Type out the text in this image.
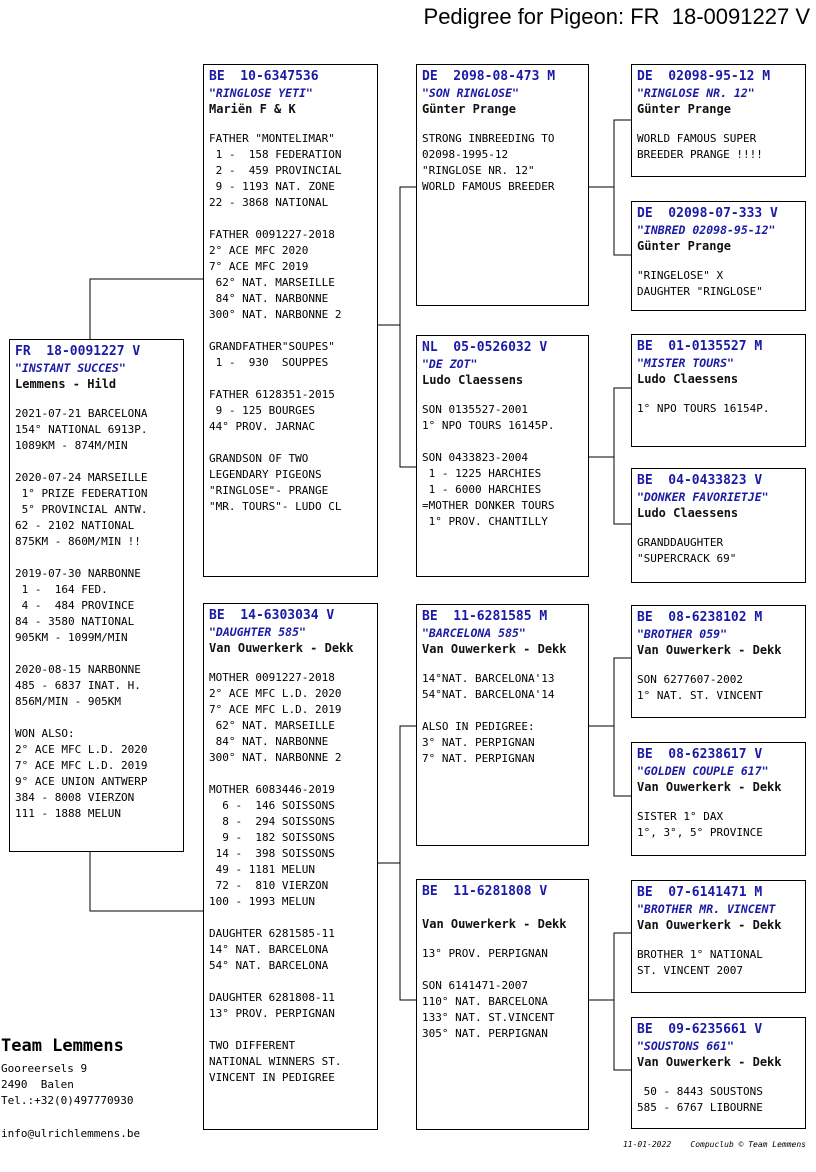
Pedigree for Pigeon: FR  18-0091227 V
FR  18-0091227 V
"INSTANT SUCCES"
Lemmens - Hild
2021-07-21 BARCELONA
154° NATIONAL 6913P.
1089KM - 874M/MIN

2020-07-24 MARSEILLE
1° PRIZE FEDERATION
5° PROVINCIAL ANTW.
62 - 2102 NATIONAL
875KM - 860M/MIN !!

2019-07-30 NARBONNE
1 -  164 FED.
4 -  484 PROVINCE
84 - 3580 NATIONAL
905KM - 1099M/MIN

2020-08-15 NARBONNE
485 - 6837 INAT. H.
856M/MIN - 905KM

WON ALSO:
2° ACE MFC L.D. 2020
7° ACE MFC L.D. 2019
9° ACE UNION ANTWERP
384 - 8008 VIERZON
111 - 1888 MELUN
BE  10-6347536
"RINGLOSE YETI"
Mariën F & K
FATHER "MONTELIMAR"
1 -  158 FEDERATION
2 -  459 PROVINCIAL
9 - 1193 NAT. ZONE
22 - 3868 NATIONAL

FATHER 0091227-2018
2° ACE MFC 2020
7° ACE MFC 2019
62° NAT. MARSEILLE
84° NAT. NARBONNE
300° NAT. NARBONNE 2

GRANDFATHER"SOUPES"
1 -  930  SOUPPES

FATHER 6128351-2015
9 - 125 BOURGES
44° PROV. JARNAC

GRANDSON OF TWO
LEGENDARY PIGEONS
"RINGLOSE"- PRANGE
"MR. TOURS"- LUDO CL
BE  14-6303034 V
"DAUGHTER 585"
Van Ouwerkerk - Dekk
MOTHER 0091227-2018
2° ACE MFC L.D. 2020
7° ACE MFC L.D. 2019
62° NAT. MARSEILLE
84° NAT. NARBONNE
300° NAT. NARBONNE 2

MOTHER 6083446-2019
6 -  146 SOISSONS
8 -  294 SOISSONS
9 -  182 SOISSONS
14 -  398 SOISSONS
49 - 1181 MELUN
72 -  810 VIERZON
100 - 1993 MELUN

DAUGHTER 6281585-11
14° NAT. BARCELONA
54° NAT. BARCELONA

DAUGHTER 6281808-11
13° PROV. PERPIGNAN

TWO DIFFERENT
NATIONAL WINNERS ST.
VINCENT IN PEDIGREE
DE  2098-08-473 M
"SON RINGLOSE"
Günter Prange
STRONG INBREEDING TO
02098-1995-12
"RINGLOSE NR. 12"
WORLD FAMOUS BREEDER
NL  05-0526032 V
"DE ZOT"
Ludo Claessens
SON 0135527-2001
1° NPO TOURS 16145P.

SON 0433823-2004
1 - 1225 HARCHIES
1 - 6000 HARCHIES
=MOTHER DONKER TOURS
1° PROV. CHANTILLY
BE  11-6281585 M
"BARCELONA 585"
Van Ouwerkerk - Dekk
14°NAT. BARCELONA'13
54°NAT. BARCELONA'14

ALSO IN PEDIGREE:
3° NAT. PERPIGNAN
7° NAT. PERPIGNAN
BE  11-6281808 V
Van Ouwerkerk - Dekk
13° PROV. PERPIGNAN

SON 6141471-2007
110° NAT. BARCELONA
133° NAT. ST.VINCENT
305° NAT. PERPIGNAN
DE  02098-95-12 M
"RINGLOSE NR. 12"
Günter Prange
WORLD FAMOUS SUPER
BREEDER PRANGE !!!!
DE  02098-07-333 V
"INBRED 02098-95-12"
Günter Prange
"RINGELOSE" X
DAUGHTER "RINGLOSE"
BE  01-0135527 M
"MISTER TOURS"
Ludo Claessens
1° NPO TOURS 16154P.
BE  04-0433823 V
"DONKER FAVORIETJE"
Ludo Claessens
GRANDDAUGHTER
"SUPERCRACK 69"
BE  08-6238102 M
"BROTHER 059"
Van Ouwerkerk - Dekk
SON 6277607-2002
1° NAT. ST. VINCENT
BE  08-6238617 V
"GOLDEN COUPLE 617"
Van Ouwerkerk - Dekk
SISTER 1° DAX
1°, 3°, 5° PROVINCE
BE  07-6141471 M
"BROTHER MR. VINCENT
Van Ouwerkerk - Dekk
BROTHER 1° NATIONAL
ST. VINCENT 2007
BE  09-6235661 V
"SOUSTONS 661"
Van Ouwerkerk - Dekk
50 - 8443 SOUSTONS
585 - 6767 LIBOURNE
Team Lemmens
Gooreersels 9
2490  Balen
Tel.:+32(0)497770930
info@ulrichlemmens.be
11-01-2022 Compuclub © Team Lemmens
